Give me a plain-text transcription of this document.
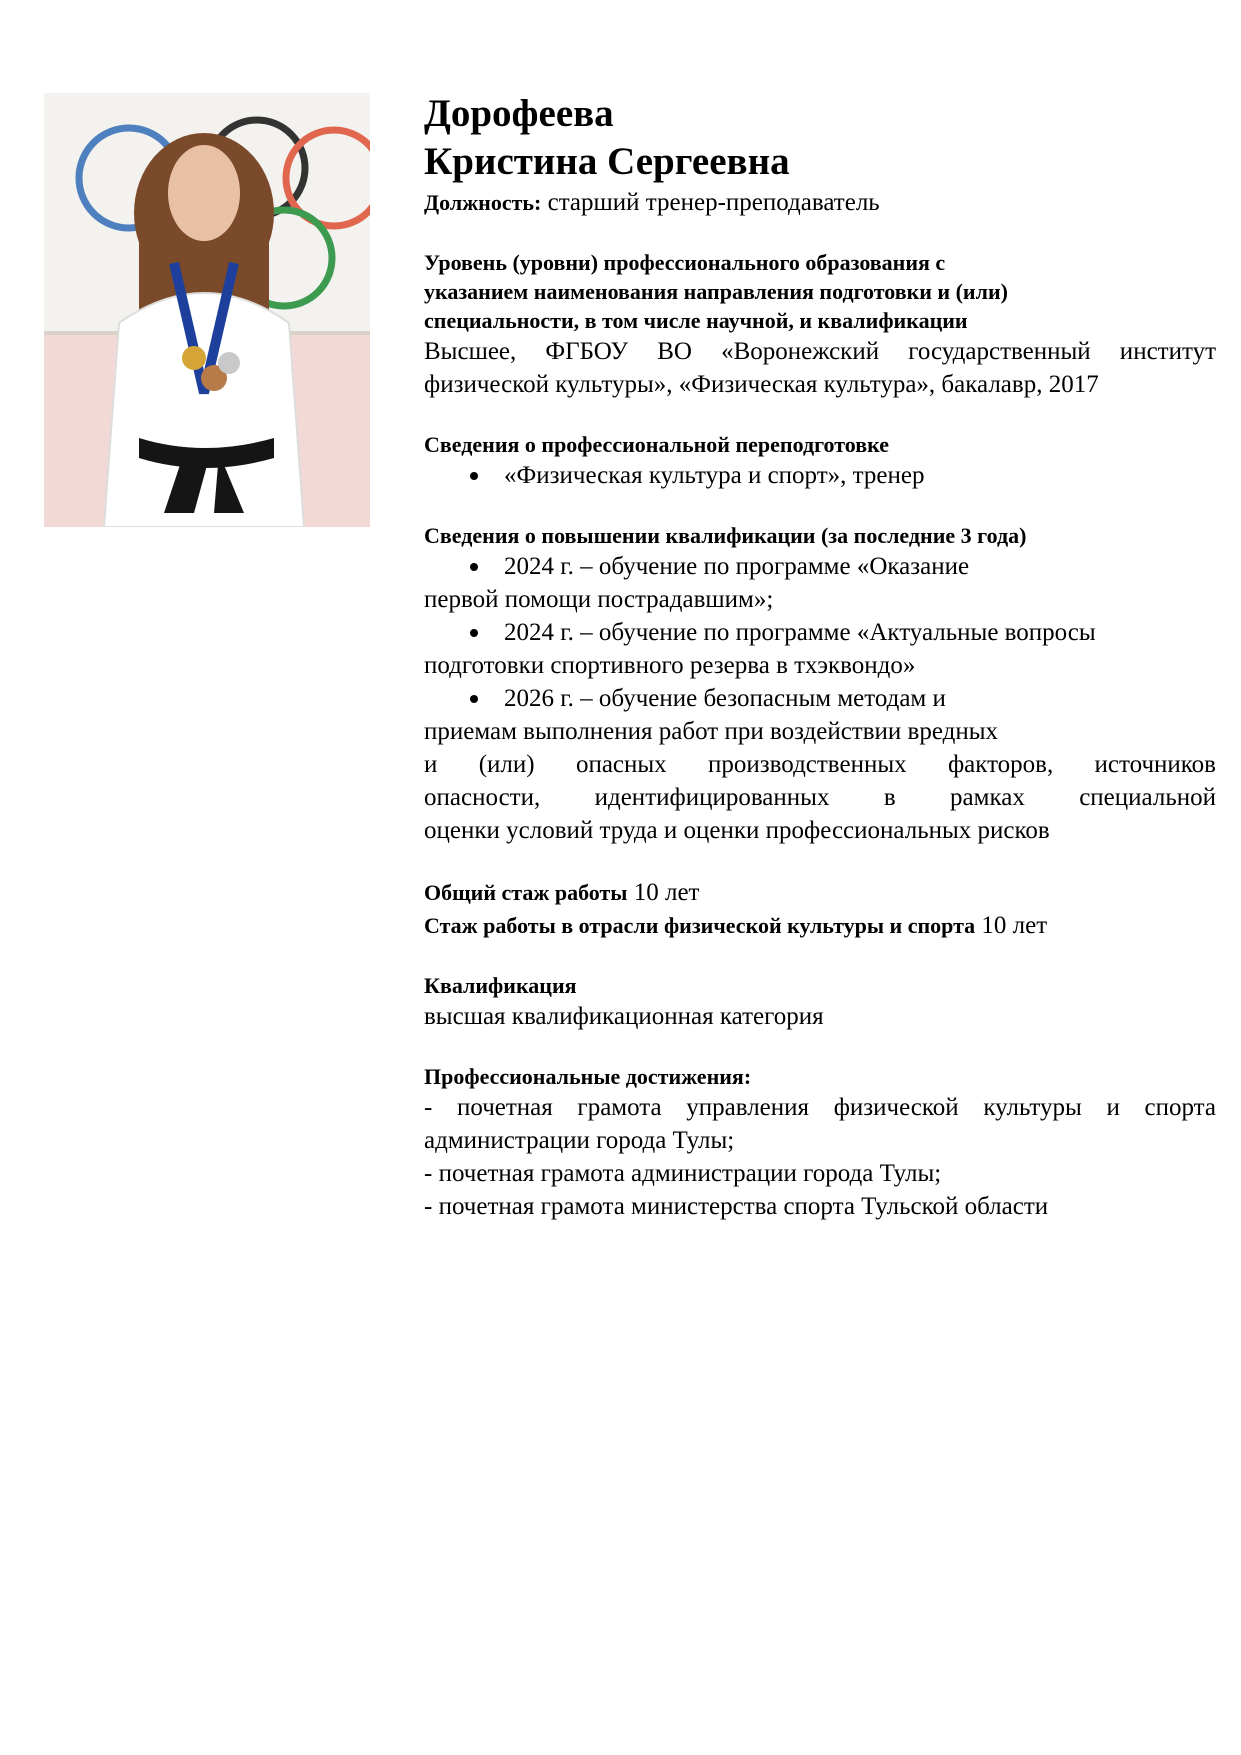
Дорофеева

Кристина Сергеевна

Должность: старший тренер-преподаватель

Уровень (уровни) профессионального образования с

указанием наименования направления подготовки и (или)

специальности, в том числе научной, и квалификации

Высшее, ФГБОУ ВО «Воронежский государственный институт физической культуры», «Физическая культура», бакалавр, 2017

Сведения о профессиональной переподготовке

«Физическая культура и спорт», тренер

Сведения о повышении квалификации (за последние 3 года)

2024 г. – обучение по программе «Оказание

первой помощи пострадавшим»;

2024 г. – обучение по программе «Актуальные вопросы

подготовки спортивного резерва в тхэквондо»

2026 г. – обучение безопасным методам и

приемам выполнения работ при воздействии вредных

и (или) опасных производственных факторов, источников

опасности, идентифицированных в рамках специальной

оценки условий труда и оценки профессиональных рисков

Общий стаж работы 10 лет

Стаж работы в отрасли физической культуры и спорта 10 лет

Квалификация

высшая квалификационная категория

Профессиональные достижения:

- почетная грамота управления физической культуры и спорта

администрации города Тулы;

- почетная грамота администрации города Тулы;

- почетная грамота министерства спорта Тульской области
